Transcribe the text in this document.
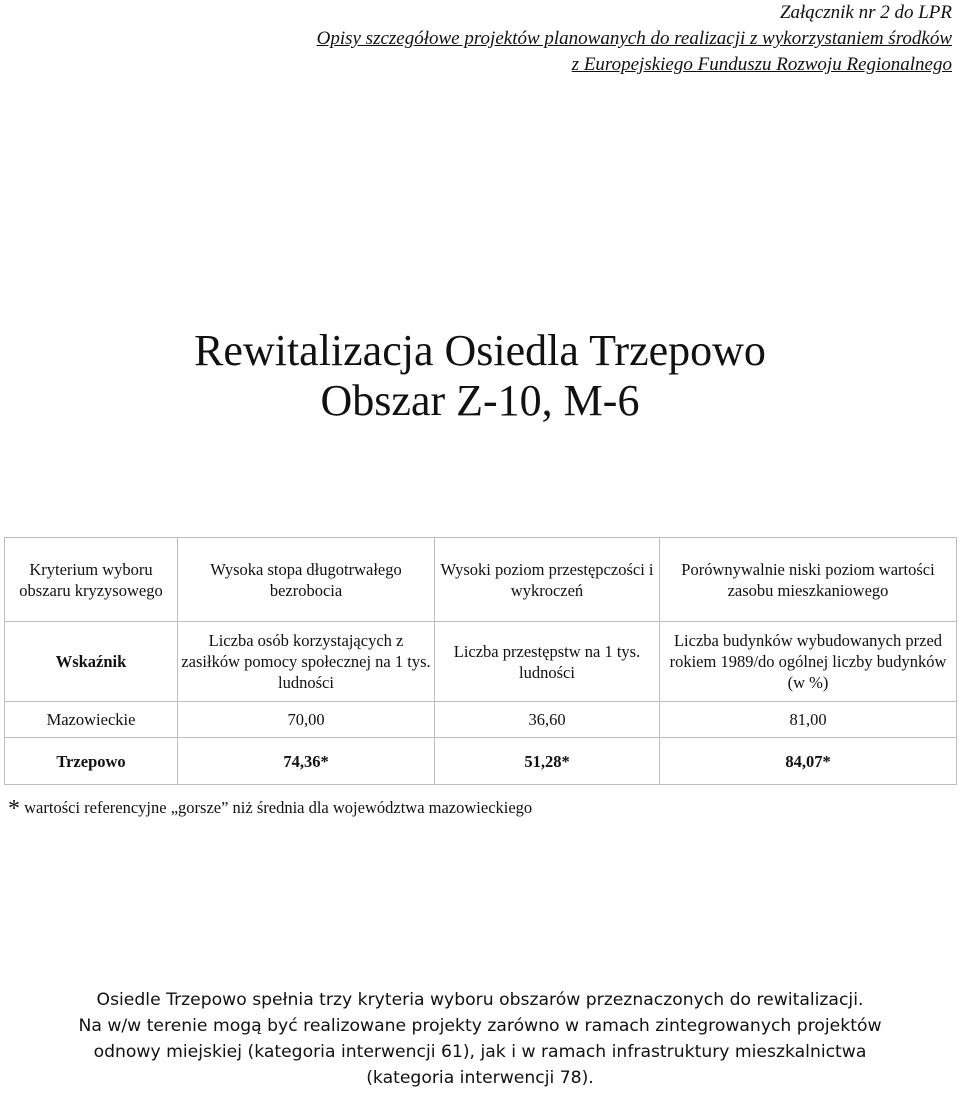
Załącznik nr 2 do LPR
Opisy szczegółowe projektów planowanych do realizacji z wykorzystaniem środków
z Europejskiego Funduszu Rozwoju Regionalnego
Rewitalizacja Osiedla Trzepowo
Obszar Z-10, M-6
Kryterium wyboru obszaru kryzysowego	Wysoka stopa długotrwałego bezrobocia	Wysoki poziom przestępczości i wykroczeń	Porównywalnie niski poziom wartości zasobu mieszkaniowego
Wskaźnik	Liczba osób korzystających z zasiłków pomocy społecznej na 1 tys. ludności	Liczba przestępstw na 1 tys. ludności	Liczba budynków wybudowanych przed rokiem 1989/do ogólnej liczby budynków (w %)
Mazowieckie	70,00	36,60	81,00
Trzepowo	74,36*	51,28*	84,07*
* wartości referencyjne „gorsze” niż średnia dla województwa mazowieckiego
Osiedle Trzepowo spełnia trzy kryteria wyboru obszarów przeznaczonych do rewitalizacji.
Na w/w terenie mogą być realizowane projekty zarówno w ramach zintegrowanych projektów
odnowy miejskiej (kategoria interwencji 61), jak i w ramach infrastruktury mieszkalnictwa
(kategoria interwencji 78).
